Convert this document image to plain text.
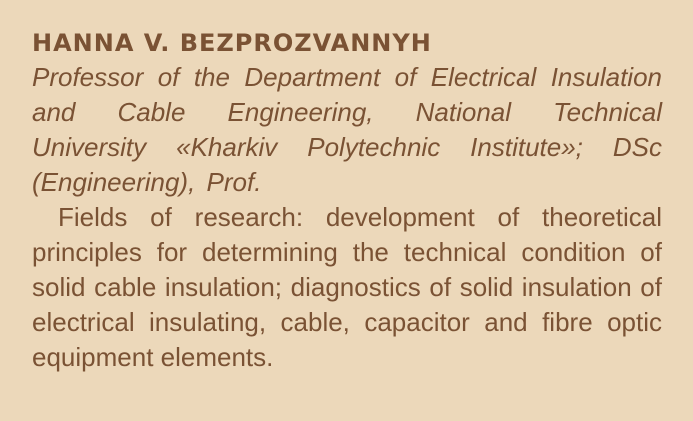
HANNA V. BEZPROZVANNYH

Professor of the Department of Electrical Insulation and Cable Engineering, National Technical University «Kharkiv Polytechnic Institute»; DSc (Engineering), Prof.

Fields of research: development of theoretical principles for determining the technical condition of solid cable insulation; diagnostics of solid insulation of electrical insulating, cable, capacitor and fibre optic equipment elements.
